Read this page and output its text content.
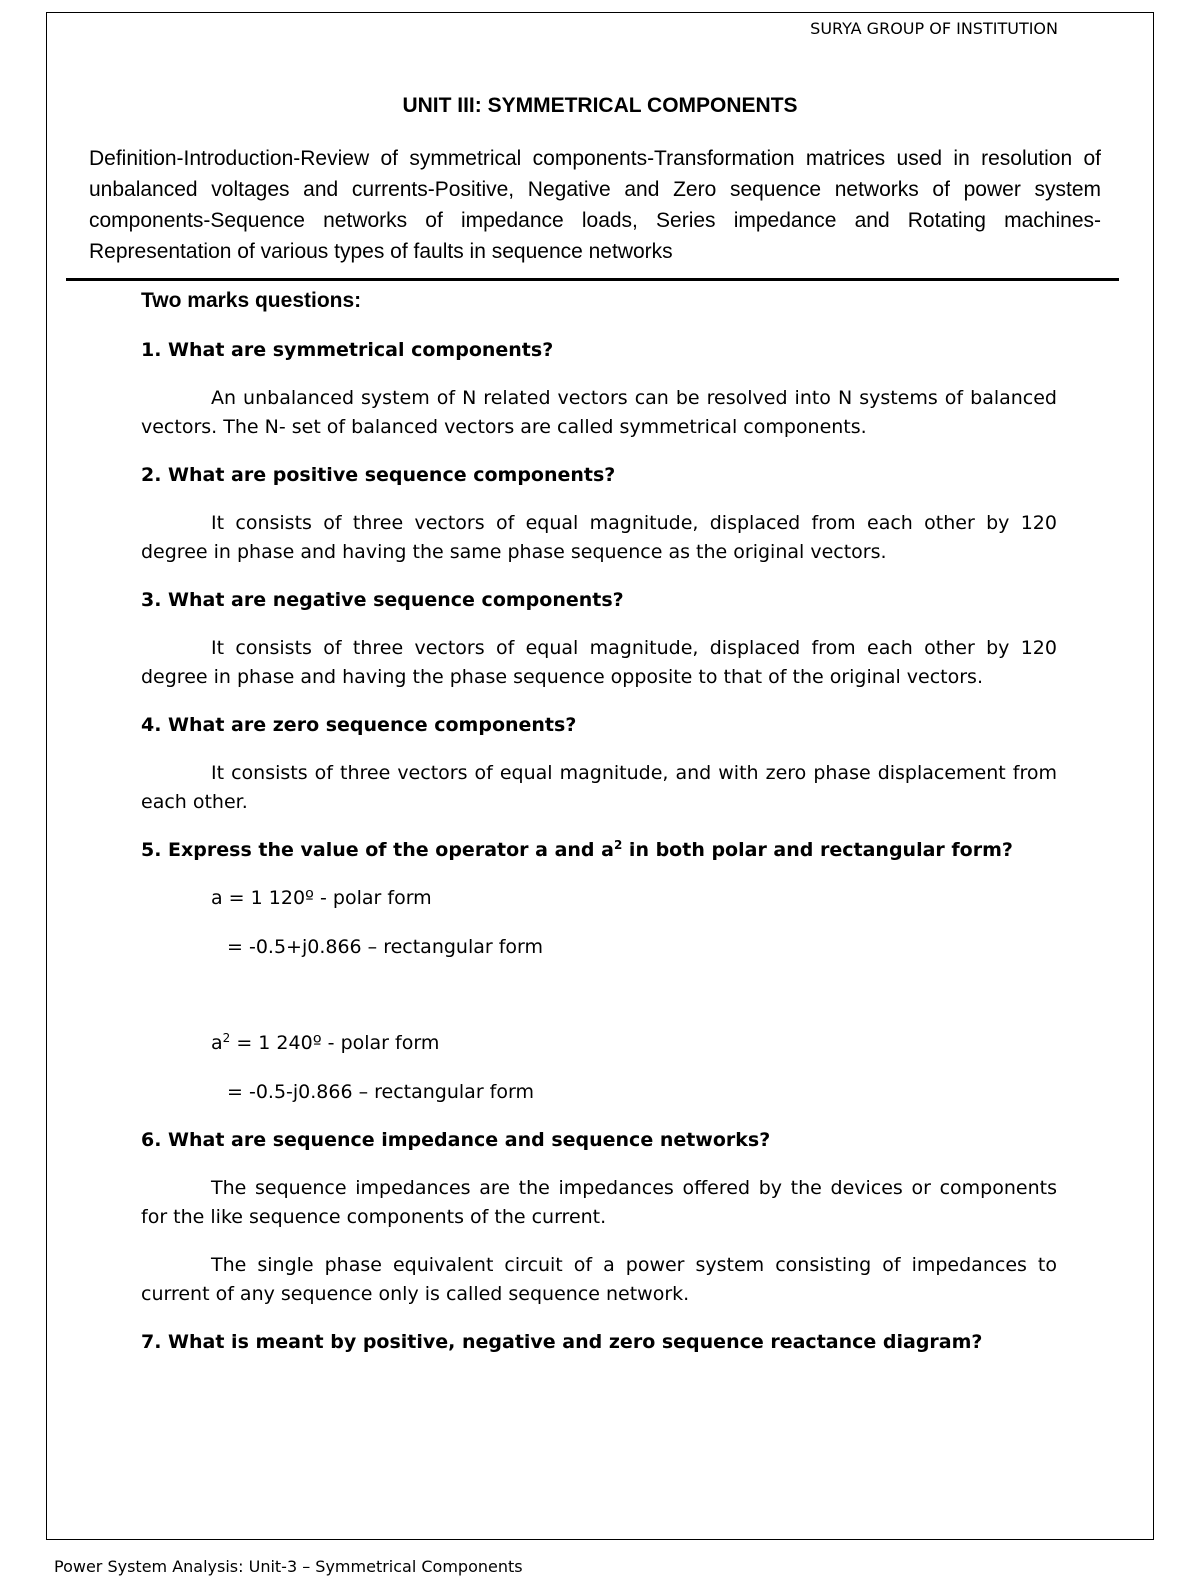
SURYA GROUP OF INSTITUTION
UNIT III: SYMMETRICAL COMPONENTS

Definition-Introduction-Review of symmetrical components-Transformation matrices used in resolution of unbalanced voltages and currents-Positive, Negative and Zero sequence networks of power system components-Sequence networks of impedance loads, Series impedance and Rotating machines-Representation of various types of faults in sequence networks

Two marks questions:

1. What are symmetrical components?

An unbalanced system of N related vectors can be resolved into N systems of balanced vectors. The N- set of balanced vectors are called symmetrical components.

2. What are positive sequence components?

It consists of three vectors of equal magnitude, displaced from each other by 120 degree in phase and having the same phase sequence as the original vectors.

3. What are negative sequence components?

It consists of three vectors of equal magnitude, displaced from each other by 120 degree in phase and having the phase sequence opposite to that of the original vectors.

4. What are zero sequence components?

It consists of three vectors of equal magnitude, and with zero phase displacement from each other.

5. Express the value of the operator a and $a^2$ in both polar and rectangular form?

a = 1 120º - polar form

= -0.5+j0.866 – rectangular form

$a^2 = 1$ 240º - polar form

= -0.5-j0.866 – rectangular form

6. What are sequence impedance and sequence networks?

The sequence impedances are the impedances offered by the devices or components for the like sequence components of the current.

The single phase equivalent circuit of a power system consisting of impedances to current of any sequence only is called sequence network.

7. What is meant by positive, negative and zero sequence reactance diagram?

Power System Analysis: Unit-3 – Symmetrical Components
